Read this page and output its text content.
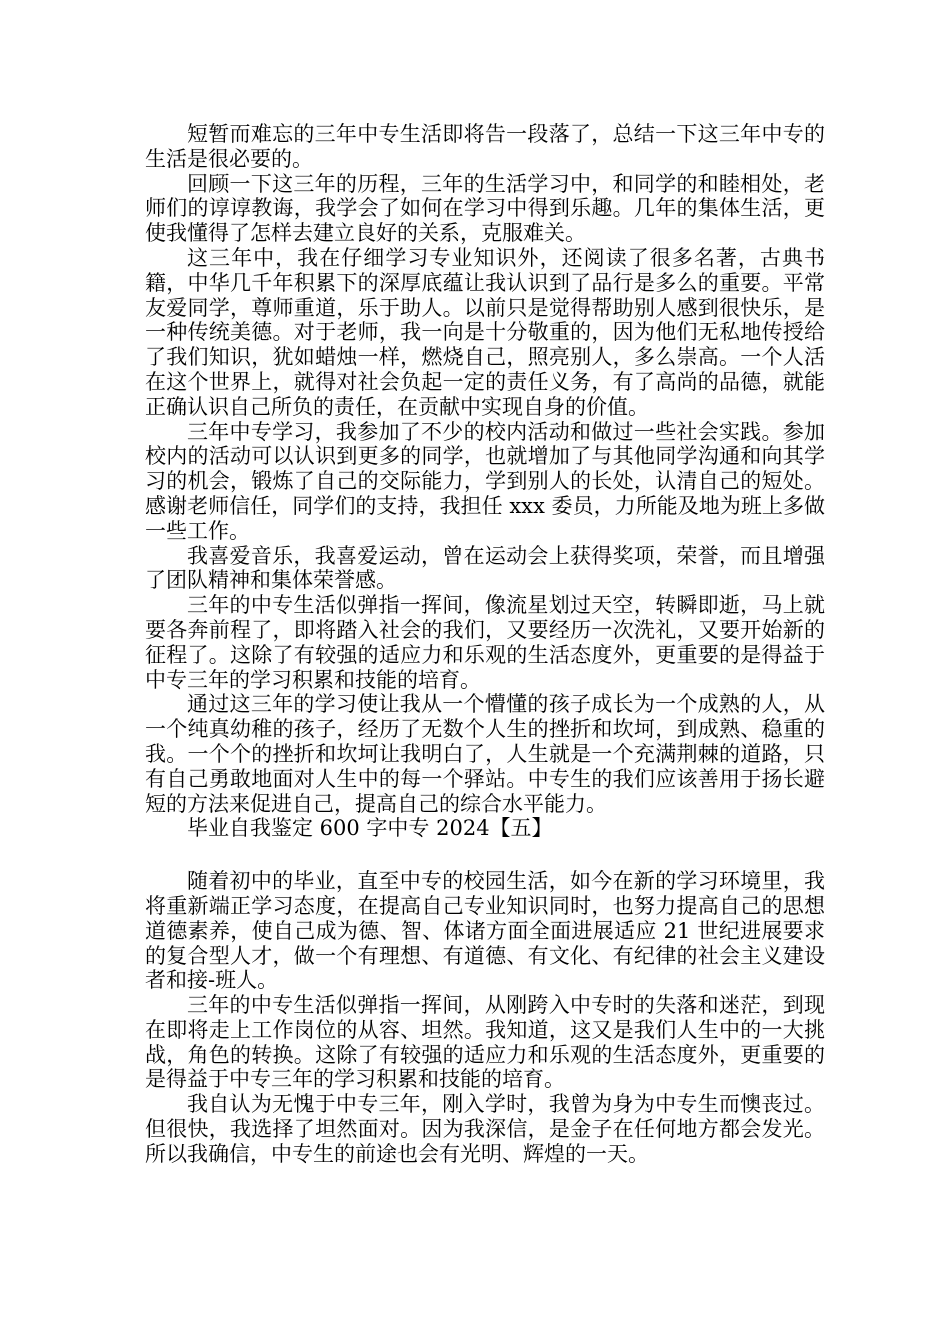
短暂而难忘的三年中专生活即将告一段落了，总结一下这三年中专的生活是很必要的。

回顾一下这三年的历程，三年的生活学习中，和同学的和睦相处，老师们的谆谆教诲，我学会了如何在学习中得到乐趣。几年的集体生活，更使我懂得了怎样去建立良好的关系，克服难关。

这三年中，我在仔细学习专业知识外，还阅读了很多名著，古典书籍，中华几千年积累下的深厚底蕴让我认识到了品行是多么的重要。平常友爱同学，尊师重道，乐于助人。以前只是觉得帮助别人感到很快乐，是一种传统美德。对于老师，我一向是十分敬重的，因为他们无私地传授给了我们知识，犹如蜡烛一样，燃烧自己，照亮别人，多么崇高。一个人活在这个世界上，就得对社会负起一定的责任义务，有了高尚的品德，就能正确认识自己所负的责任，在贡献中实现自身的价值。

三年中专学习，我参加了不少的校内活动和做过一些社会实践。参加校内的活动可以认识到更多的同学，也就增加了与其他同学沟通和向其学习的机会，锻炼了自己的交际能力，学到别人的长处，认清自己的短处。感谢老师信任，同学们的支持，我担任 xxx 委员，力所能及地为班上多做一些工作。

我喜爱音乐，我喜爱运动，曾在运动会上获得奖项，荣誉，而且增强了团队精神和集体荣誉感。

三年的中专生活似弹指一挥间，像流星划过天空，转瞬即逝，马上就要各奔前程了，即将踏入社会的我们，又要经历一次洗礼，又要开始新的征程了。这除了有较强的适应力和乐观的生活态度外，更重要的是得益于中专三年的学习积累和技能的培育。

通过这三年的学习使让我从一个懵懂的孩子成长为一个成熟的人，从一个纯真幼稚的孩子，经历了无数个人生的挫折和坎坷，到成熟、稳重的我。一个个的挫折和坎坷让我明白了，人生就是一个充满荆棘的道路，只有自己勇敢地面对人生中的每一个驿站。中专生的我们应该善用于扬长避短的方法来促进自己，提高自己的综合水平能力。

毕业自我鉴定 600 字中专 2024【五】

随着初中的毕业，直至中专的校园生活，如今在新的学习环境里，我将重新端正学习态度，在提高自己专业知识同时，也努力提高自己的思想道德素养，使自己成为德、智、体诸方面全面进展适应 21 世纪进展要求的复合型人才，做一个有理想、有道德、有文化、有纪律的社会主义建设者和接-班人。

三年的中专生活似弹指一挥间，从刚跨入中专时的失落和迷茫，到现在即将走上工作岗位的从容、坦然。我知道，这又是我们人生中的一大挑战，角色的转换。这除了有较强的适应力和乐观的生活态度外，更重要的是得益于中专三年的学习积累和技能的培育。

我自认为无愧于中专三年，刚入学时，我曾为身为中专生而懊丧过。但很快，我选择了坦然面对。因为我深信，是金子在任何地方都会发光。所以我确信，中专生的前途也会有光明、辉煌的一天。
